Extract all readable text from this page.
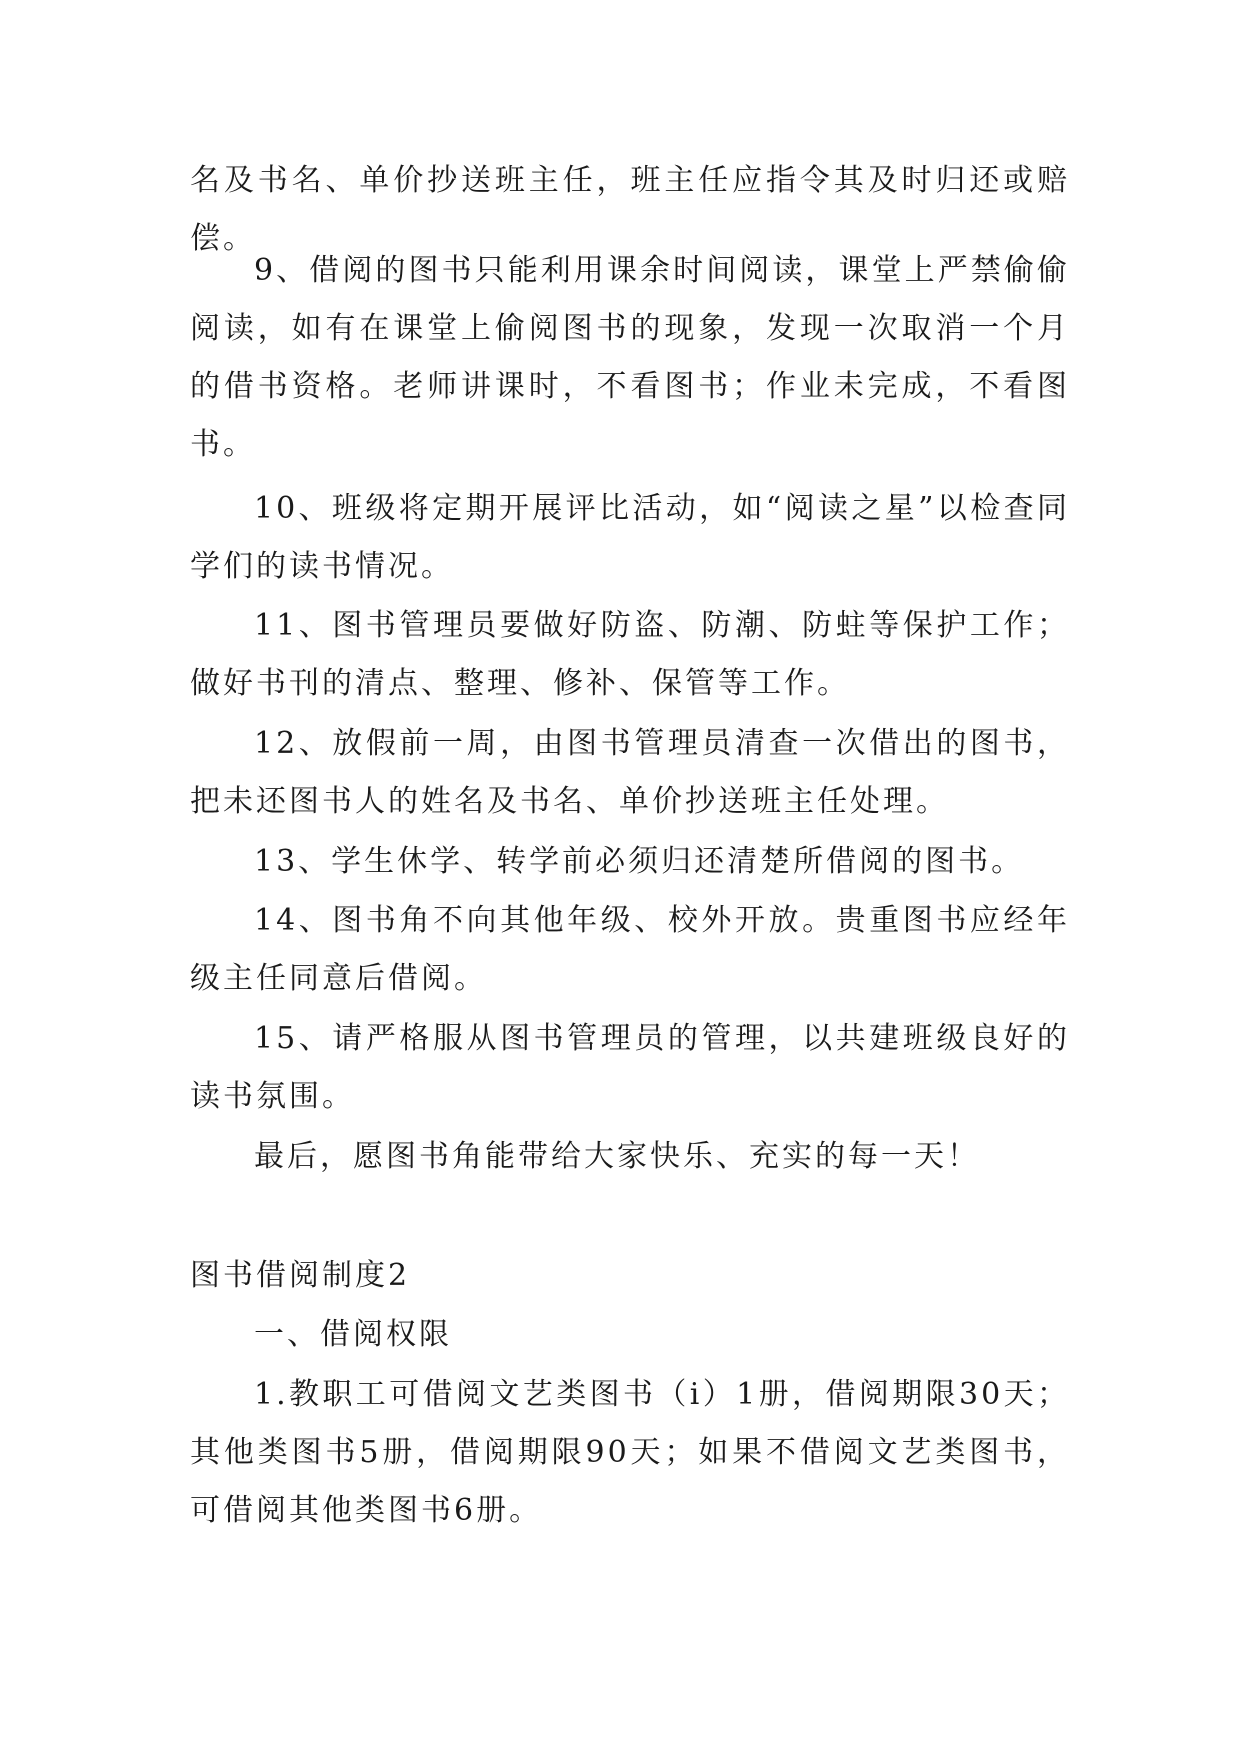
名及书名、单价抄送班主任，班主任应指令其及时归还或赔偿。

9、借阅的图书只能利用课余时间阅读，课堂上严禁偷偷阅读，如有在课堂上偷阅图书的现象，发现一次取消一个月的借书资格。老师讲课时，不看图书；作业未完成，不看图书。

10、班级将定期开展评比活动，如“阅读之星”以检查同学们的读书情况。

11、图书管理员要做好防盗、防潮、防蛀等保护工作；做好书刊的清点、整理、修补、保管等工作。

12、放假前一周，由图书管理员清查一次借出的图书，把未还图书人的姓名及书名、单价抄送班主任处理。

13、学生休学、转学前必须归还清楚所借阅的图书。

14、图书角不向其他年级、校外开放。贵重图书应经年级主任同意后借阅。

15、请严格服从图书管理员的管理，以共建班级良好的读书氛围。

最后，愿图书角能带给大家快乐、充实的每一天！

图书借阅制度2

一、借阅权限

1.教职工可借阅文艺类图书（i）1册，借阅期限30天；其他类图书5册，借阅期限90天；如果不借阅文艺类图书，可借阅其他类图书6册。
